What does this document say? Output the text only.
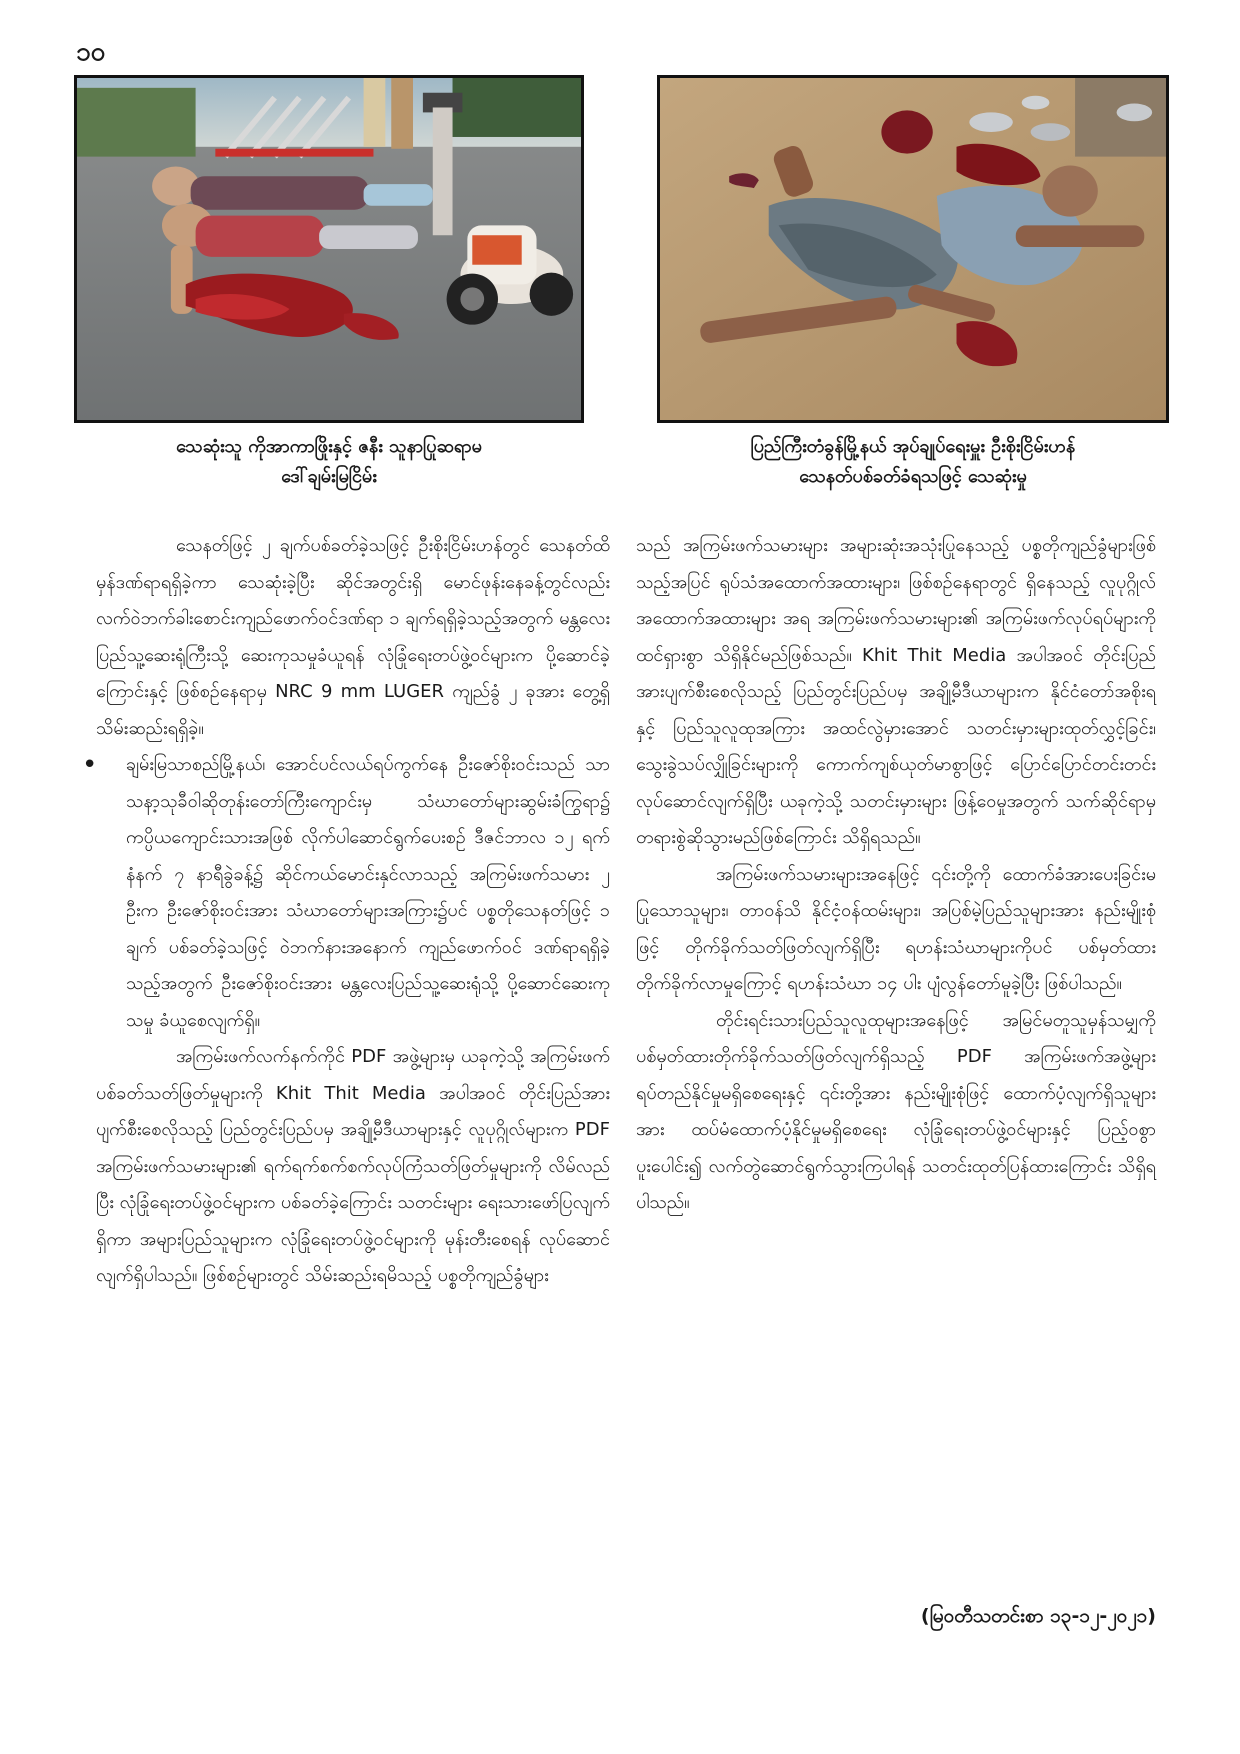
၁၀
သေဆုံးသူ ကိုအာကာဖြိုးနှင့် ဇနီး သူနာပြုဆရာမ
ဒေါ်ချမ်းမြငြိမ်း
ပြည်ကြီးတံခွန်မြို့နယ် အုပ်ချုပ်ရေးမှူး ဦးစိုးငြိမ်းဟန်
သေနတ်ပစ်ခတ်ခံရသဖြင့် သေဆုံးမှု

သေနတ်ဖြင့် ၂ ချက်ပစ်ခတ်ခဲ့သဖြင့် ဦးစိုးငြိမ်းဟန်တွင် သေနတ်ထိမှန်ဒဏ်ရာရရှိခဲ့ကာ သေဆုံးခဲ့ပြီး ဆိုင်အတွင်းရှိ မောင်ဖုန်းနေခန့်တွင်လည်း လက်ဝဲဘက်ခါးစောင်းကျည်ဖောက်ဝင်ဒဏ်ရာ ၁ ချက်ရရှိခဲ့သည့်အတွက် မန္တလေးပြည်သူ့ဆေးရုံကြီးသို့ ဆေးကုသမှုခံယူရန် လုံခြုံရေးတပ်ဖွဲ့ဝင်များက ပို့ဆောင်ခဲ့ကြောင်းနှင့် ဖြစ်စဉ်နေရာမှ NRC 9 mm LUGER ကျည်ခွံ ၂ ခုအား တွေ့ရှိသိမ်းဆည်းရရှိခဲ့။

• ချမ်းမြသာစည်မြို့နယ်၊ အောင်ပင်လယ်ရပ်ကွက်နေ ဦးဇော်စိုးဝင်းသည် သာသနာ့သုခီဝါဆိုတုန်းတော်ကြီးကျောင်းမှ သံဃာတော်များဆွမ်းခံကြွရာ၌ ကပ္ပိယကျောင်းသားအဖြစ် လိုက်ပါဆောင်ရွက်ပေးစဉ် ဒီဇင်ဘာလ ၁၂ ရက် နံနက် ၇ နာရီခွဲခန့်၌ ဆိုင်ကယ်မောင်းနှင်လာသည့် အကြမ်းဖက်သမား ၂ ဦးက ဦးဇော်စိုးဝင်းအား သံဃာတော်များအကြား၌ပင် ပစ္စတိုသေနတ်ဖြင့် ၁ ချက် ပစ်ခတ်ခဲ့သဖြင့် ဝဲဘက်နားအနောက် ကျည်ဖောက်ဝင် ဒဏ်ရာရရှိခဲ့သည့်အတွက် ဦးဇော်စိုးဝင်းအား မန္တလေးပြည်သူ့ဆေးရုံသို့ ပို့ဆောင်ဆေးကုသမှု ခံယူစေလျက်ရှိ။

အကြမ်းဖက်လက်နက်ကိုင် PDF အဖွဲ့များမှ ယခုကဲ့သို့ အကြမ်းဖက်ပစ်ခတ်သတ်ဖြတ်မှုများကို Khit Thit Media အပါအဝင် တိုင်းပြည်အားပျက်စီးစေလိုသည့် ပြည်တွင်းပြည်ပမှ အချို့မီဒီယာများနှင့် လူပုဂ္ဂိုလ်များက PDF အကြမ်းဖက်သမားများ၏ ရက်ရက်စက်စက်လုပ်ကြံသတ်ဖြတ်မှုများကို လိမ်လည်ပြီး လုံခြုံရေးတပ်ဖွဲ့ဝင်များက ပစ်ခတ်ခဲ့ကြောင်း သတင်းများ ရေးသားဖော်ပြလျက်ရှိကာ အများပြည်သူများက လုံခြုံရေးတပ်ဖွဲ့ဝင်များကို မုန်းတီးစေရန် လုပ်ဆောင်လျက်ရှိပါသည်။ ဖြစ်စဉ်များတွင် သိမ်းဆည်းရမိသည့် ပစ္စတိုကျည်ခွံများ

သည် အကြမ်းဖက်သမားများ အများဆုံးအသုံးပြုနေသည့် ပစ္စတိုကျည်ခွံများဖြစ်သည့်အပြင် ရုပ်သံအထောက်အထားများ၊ ဖြစ်စဉ်နေရာတွင် ရှိနေသည့် လူပုဂ္ဂိုလ် အထောက်အထားများ အရ အကြမ်းဖက်သမားများ၏ အကြမ်းဖက်လုပ်ရပ်များကို ထင်ရှားစွာ သိရှိနိုင်မည်ဖြစ်သည်။ Khit Thit Media အပါအဝင် တိုင်းပြည်အားပျက်စီးစေလိုသည့် ပြည်တွင်းပြည်ပမှ အချို့မီဒီယာများက နိုင်ငံတော်အစိုးရနှင့် ပြည်သူလူထုအကြား အထင်လွဲမှားအောင် သတင်းမှားများထုတ်လွှင့်ခြင်း၊ သွေးခွဲသပ်လျှိုခြင်းများကို ကောက်ကျစ်ယုတ်မာစွာဖြင့် ပြောင်ပြောင်တင်းတင်း လုပ်ဆောင်လျက်ရှိပြီး ယခုကဲ့သို့ သတင်းမှားများ ဖြန့်ဝေမှုအတွက် သက်ဆိုင်ရာမှ တရားစွဲဆိုသွားမည်ဖြစ်ကြောင်း သိရှိရသည်။

အကြမ်းဖက်သမားများအနေဖြင့် ၎င်းတို့ကို ထောက်ခံအားပေးခြင်းမပြုသောသူများ၊ တာဝန်သိ နိုင်ငံ့ဝန်ထမ်းများ၊ အပြစ်မဲ့ပြည်သူများအား နည်းမျိုးစုံဖြင့် တိုက်ခိုက်သတ်ဖြတ်လျက်ရှိပြီး ရဟန်းသံဃာများကိုပင် ပစ်မှတ်ထားတိုက်ခိုက်လာမှုကြောင့် ရဟန်းသံဃာ ၁၄ ပါး ပျံလွန်တော်မူခဲ့ပြီး ဖြစ်ပါသည်။

တိုင်းရင်းသားပြည်သူလူထုများအနေဖြင့် အမြင်မတူသူမှန်သမျှကို ပစ်မှတ်ထားတိုက်ခိုက်သတ်ဖြတ်လျက်ရှိသည့် PDF အကြမ်းဖက်အဖွဲ့များ ရပ်တည်နိုင်မှုမရှိစေရေးနှင့် ၎င်းတို့အား နည်းမျိုးစုံဖြင့် ထောက်ပံ့လျက်ရှိသူများအား ထပ်မံထောက်ပံ့နိုင်မှုမရှိစေရေး လုံခြုံရေးတပ်ဖွဲ့ဝင်များနှင့် ပြည့်ဝစွာပူးပေါင်း၍ လက်တွဲဆောင်ရွက်သွားကြပါရန် သတင်းထုတ်ပြန်ထားကြောင်း သိရှိရပါသည်။

(မြဝတီသတင်းစာ ၁၃-၁၂-၂၀၂၁)
